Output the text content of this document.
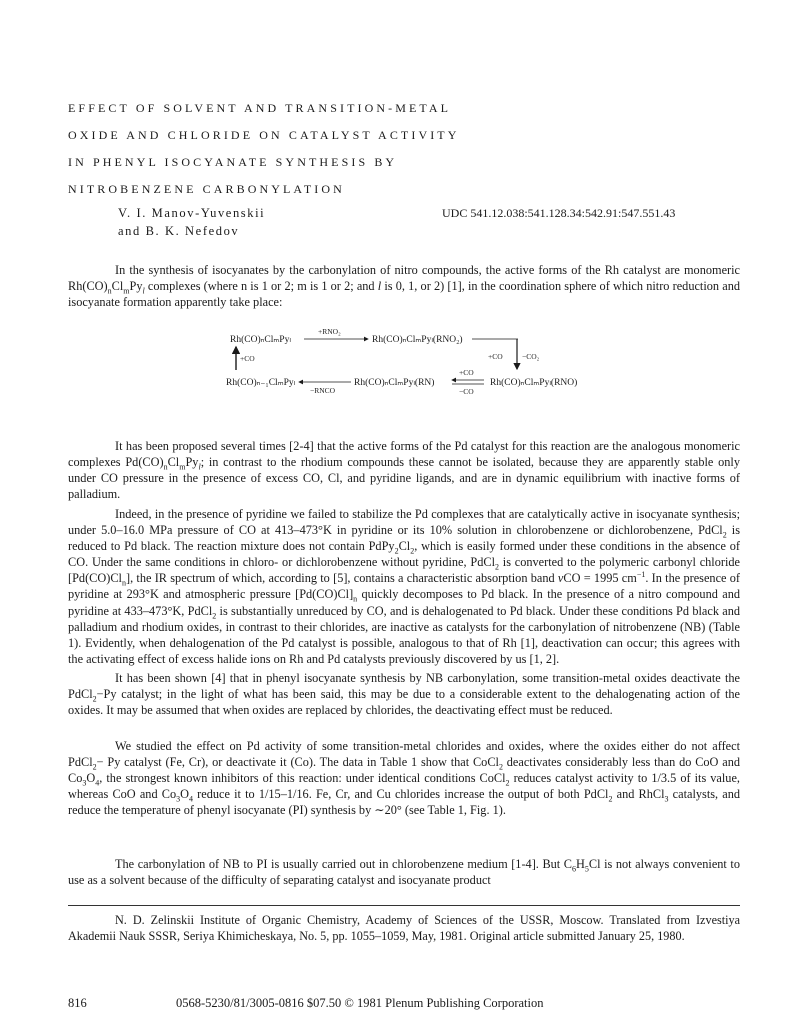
EFFECT OF SOLVENT AND TRANSITION-METAL
OXIDE AND CHLORIDE ON CATALYST ACTIVITY
IN PHENYL ISOCYANATE SYNTHESIS BY
NITROBENZENE CARBONYLATION
V. I. Manov-Yuvenskii
and B. K. Nefedov
UDC 541.12.038:541.128.34:542.91:547.551.43

In the synthesis of isocyanates by the carbonylation of nitro compounds, the active forms of the Rh catalyst are monomeric $Rh(CO)_nCl_mPy_l$ complexes (where n is 1 or 2; m is 1 or 2; and l is 0, 1, or 2) [1], in the coordination sphere of which nitro reduction and isocyanate formation apparently take place:

Rh(CO)ₙClₘPyₗ
+RNO₂
Rh(CO)ₙClₘPyₗ(RNO₂)
+CO	−CO₂
+CO
Rh(CO)ₙ₋₁ClₘPyₗ
−RNCO
Rh(CO)ₙClₘPyₗ(RN)
+CO
−CO
Rh(CO)ₙClₘPyₗ(RNO)

It has been proposed several times [2-4] that the active forms of the Pd catalyst for this reaction are the analogous monomeric complexes $Pd(CO)_nCl_mPy_l$; in contrast to the rhodium compounds these cannot be isolated, because they are apparently stable only under CO pressure in the presence of excess CO, Cl, and pyridine ligands, and are in dynamic equilibrium with inactive forms of palladium.

Indeed, in the presence of pyridine we failed to stabilize the Pd complexes that are catalytically active in isocyanate synthesis; under 5.0–16.0 MPa pressure of CO at 413–473°K in pyridine or its 10% solution in chlorobenzene or dichlorobenzene, PdCl$_2$ is reduced to Pd black. The reaction mixture does not contain $PdPy_2Cl_2$, which is easily formed under these conditions in the absence of CO. Under the same conditions in chloro- or dichlorobenzene without pyridine, PdCl$_2$ is converted to the polymeric carbonyl chloride $[Pd(CO)Cl_n]$, the IR spectrum of which, according to [5], contains a characteristic absorption band νCO = 1995 $cm^{-1}$. In the presence of pyridine at 293°K and atmospheric pressure $[Pd(CO)Cl]_n$ quickly decomposes to Pd black. In the presence of a nitro compound and pyridine at 433–473°K, PdCl$_2$ is substantially unreduced by CO, and is dehalogenated to Pd black. Under these conditions Pd black and palladium and rhodium oxides, in contrast to their chlorides, are inactive as catalysts for the carbonylation of nitrobenzene (NB) (Table 1). Evidently, when dehalogenation of the Pd catalyst is possible, analogous to that of Rh [1], deactivation can occur; this agrees with the activating effect of excess halide ions on Rh and Pd catalysts previously discovered by us [1, 2].

It has been shown [4] that in phenyl isocyanate synthesis by NB carbonylation, some transition-metal oxides deactivate the PdCl$_2$−Py catalyst; in the light of what has been said, this may be due to a considerable extent to the dehalogenating action of the oxides. It may be assumed that when oxides are replaced by chlorides, the deactivating effect must be reduced.

We studied the effect on Pd activity of some transition-metal chlorides and oxides, where the oxides either do not affect PdCl$_2$− Py catalyst (Fe, Cr), or deactivate it (Co). The data in Table 1 show that CoCl$_2$ deactivates considerably less than do CoO and $Co_3O_4$, the strongest known inhibitors of this reaction: under identical conditions CoCl$_2$ reduces catalyst activity to 1/3.5 of its value, whereas CoO and $Co_3O_4$ reduce it to 1/15–1/16. Fe, Cr, and Cu chlorides increase the output of both PdCl$_2$ and RhCl$_3$ catalysts, and reduce the temperature of phenyl isocyanate (PI) synthesis by ∼20° (see Table 1, Fig. 1).

The carbonylation of NB to PI is usually carried out in chlorobenzene medium [1-4]. But $C_6H_5Cl$ is not always convenient to use as a solvent because of the difficulty of separating catalyst and isocyanate product

N. D. Zelinskii Institute of Organic Chemistry, Academy of Sciences of the USSR, Moscow. Translated from Izvestiya Akademii Nauk SSSR, Seriya Khimicheskaya, No. 5, pp. 1055–1059, May, 1981. Original article submitted January 25, 1980.

816	0568-5230/81/3005-0816 $07.50 © 1981 Plenum Publishing Corporation
